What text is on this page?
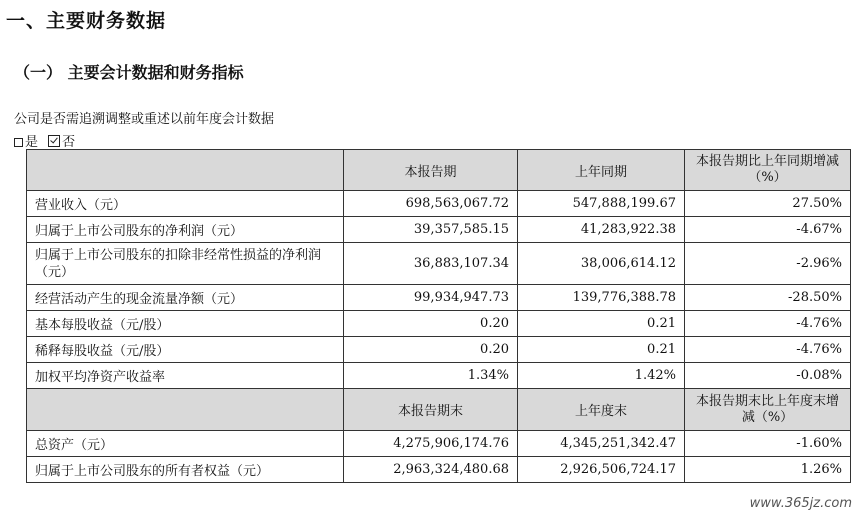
一、主要财务数据
（一） 主要会计数据和财务指标
公司是否需追溯调整或重述以前年度会计数据
是 否
	本报告期	上年同期	本报告期比上年同期增减（%）
营业收入（元）	698,563,067.72	547,888,199.67	27.50%
归属于上市公司股东的净利润（元）	39,357,585.15	41,283,922.38	-4.67%
归属于上市公司股东的扣除非经常性损益的净利润（元）	36,883,107.34	38,006,614.12	-2.96%
经营活动产生的现金流量净额（元）	99,934,947.73	139,776,388.78	-28.50%
基本每股收益（元/股）	0.20	0.21	-4.76%
稀释每股收益（元/股）	0.20	0.21	-4.76%
加权平均净资产收益率	1.34%	1.42%	-0.08%
	本报告期末	上年度末	本报告期末比上年度末增减（%）
总资产（元）	4,275,906,174.76	4,345,251,342.47	-1.60%
归属于上市公司股东的所有者权益（元）	2,963,324,480.68	2,926,506,724.17	1.26%
www.365jz.com
